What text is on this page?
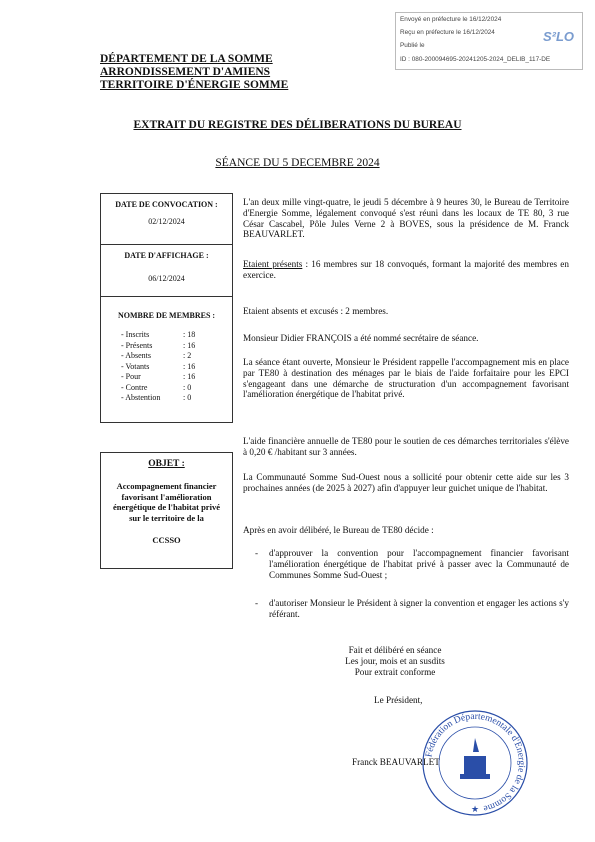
Envoyé en préfecture le 16/12/2024
Reçu en préfecture le 16/12/2024
Publié le
ID : 080-200094695-20241205-2024_DELIB_117-DE
S²LO
DÉPARTEMENT DE LA SOMME
ARRONDISSEMENT D'AMIENS
TERRITOIRE D'ÉNERGIE SOMME
EXTRAIT DU REGISTRE DES DÉLIBERATIONS DU BUREAU
SÉANCE DU 5 DECEMBRE 2024
DATE DE CONVOCATION :
02/12/2024
DATE D'AFFICHAGE :
06/12/2024
NOMBRE DE MEMBRES :
- Inscrits	: 18
- Présents	: 16
- Absents	: 2
- Votants	: 16
- Pour	: 16
- Contre	: 0
- Abstention	: 0
OBJET :
Accompagnement financier favorisant l'amélioration énergétique de l'habitat privé sur le territoire de la
CCSSO
L'an deux mille vingt-quatre, le jeudi 5 décembre à 9 heures 30, le Bureau de Territoire d'Energie Somme, légalement convoqué s'est réuni dans les locaux de TE 80, 3 rue César Cascabel, Pôle Jules Verne 2 à BOVES, sous la présidence de M. Franck BEAUVARLET.
Etaient présents : 16 membres sur 18 convoqués, formant la majorité des membres en exercice.
Etaient absents et excusés : 2 membres.
Monsieur Didier FRANÇOIS a été nommé secrétaire de séance.
La séance étant ouverte, Monsieur le Président rappelle l'accompagnement mis en place par TE80 à destination des ménages par le biais de l'aide forfaitaire pour les EPCI s'engageant dans une démarche de structuration d'un accompagnement favorisant l'amélioration énergétique de l'habitat privé.
L'aide financière annuelle de TE80 pour le soutien de ces démarches territoriales s'élève à 0,20 € /habitant sur 3 années.
La Communauté Somme Sud-Ouest nous a sollicité pour obtenir cette aide sur les 3 prochaines années (de 2025 à 2027) afin d'appuyer leur guichet unique de l'habitat.
Après en avoir délibéré, le Bureau de TE80 décide :
-	d'approuver la convention pour l'accompagnement financier favorisant l'amélioration énergétique de l'habitat privé à passer avec la Communauté de Communes Somme Sud-Ouest ;
-	d'autoriser Monsieur le Président à signer la convention et engager les actions s'y référant.
Fait et délibéré en séance
Les jour, mois et an susdits
Pour extrait conforme
Le Président,
Franck BEAUVARLET
Fédération Départementale d'Energie de la Somme
★
